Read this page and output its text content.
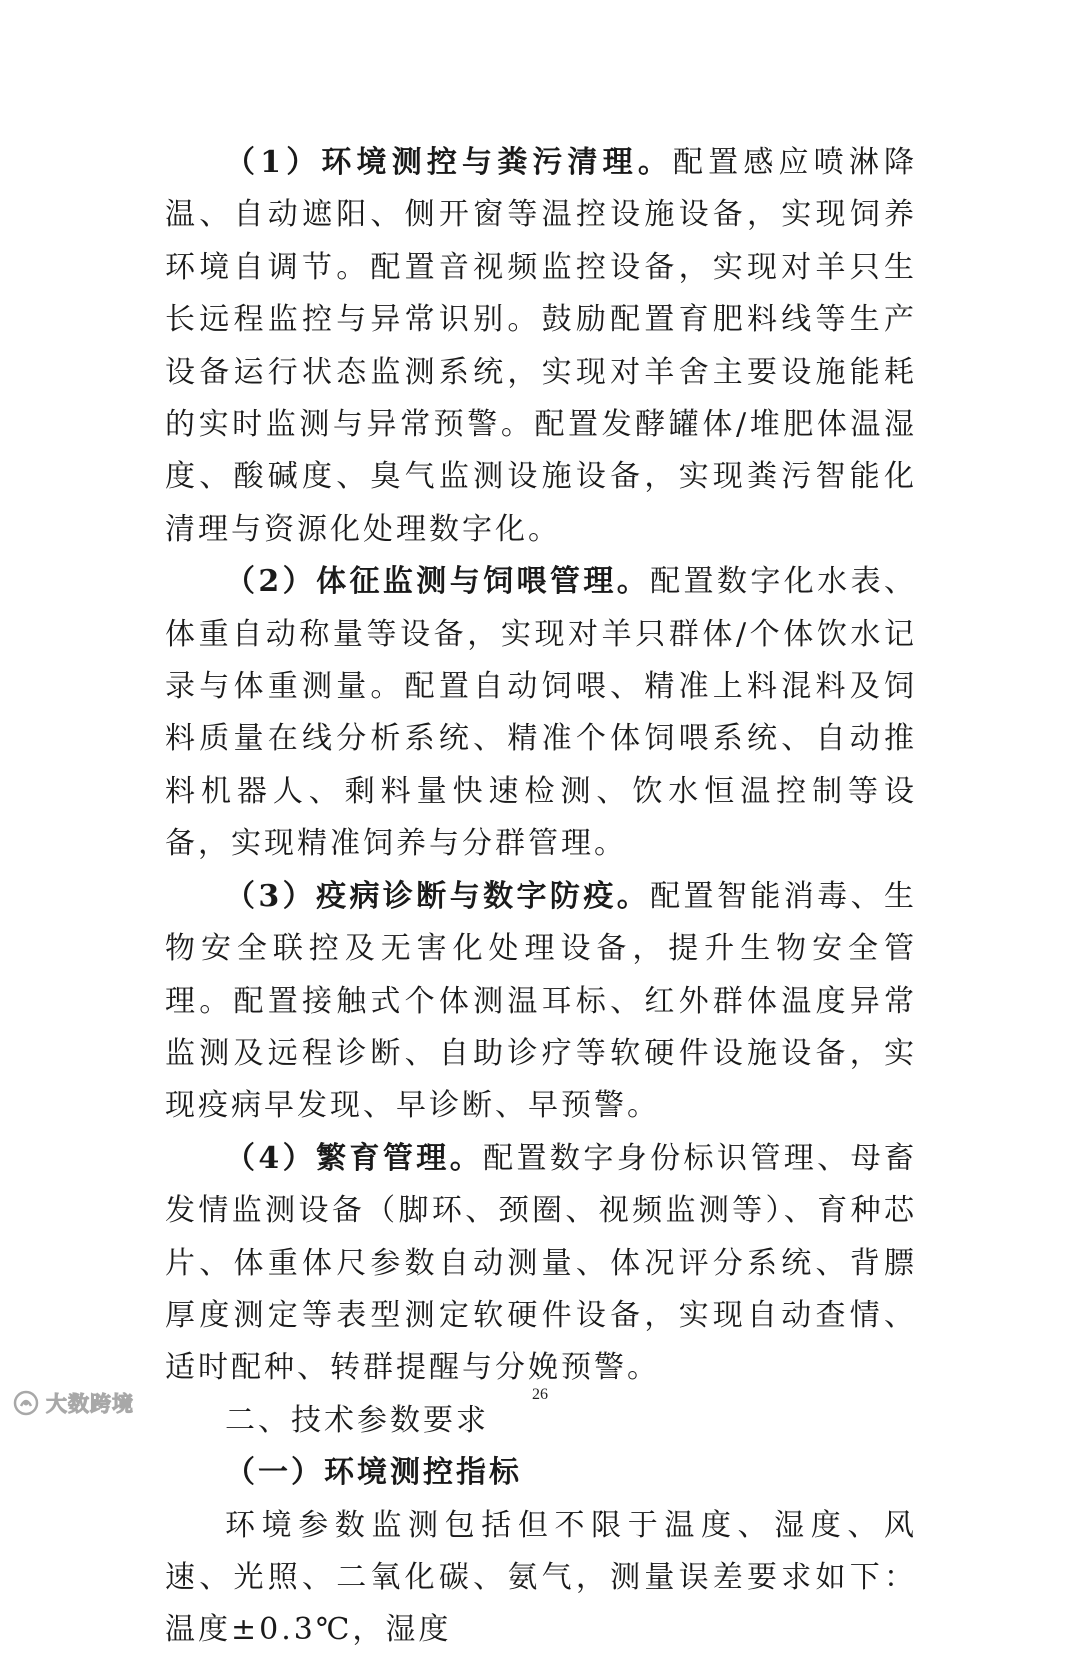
（1）环境测控与粪污清理。配置感应喷淋降温、自动遮阳、侧开窗等温控设施设备，实现饲养环境自调节。配置音视频监控设备，实现对羊只生长远程监控与异常识别。鼓励配置育肥料线等生产设备运行状态监测系统，实现对羊舍主要设施能耗的实时监测与异常预警。配置发酵罐体/堆肥体温湿度、酸碱度、臭气监测设施设备，实现粪污智能化清理与资源化处理数字化。

（2）体征监测与饲喂管理。配置数字化水表、体重自动称量等设备，实现对羊只群体/个体饮水记录与体重测量。配置自动饲喂、精准上料混料及饲料质量在线分析系统、精准个体饲喂系统、自动推料机器人、剩料量快速检测、饮水恒温控制等设备，实现精准饲养与分群管理。

（3）疫病诊断与数字防疫。配置智能消毒、生物安全联控及无害化处理设备，提升生物安全管理。配置接触式个体测温耳标、红外群体温度异常监测及远程诊断、自助诊疗等软硬件设施设备，实现疫病早发现、早诊断、早预警。

（4）繁育管理。配置数字身份标识管理、母畜发情监测设备（脚环、颈圈、视频监测等）、育种芯片、体重体尺参数自动测量、体况评分系统、背膘厚度测定等表型测定软硬件设备，实现自动查情、适时配种、转群提醒与分娩预警。

二、技术参数要求

（一）环境测控指标

环境参数监测包括但不限于温度、湿度、风速、光照、二氧化碳、氨气，测量误差要求如下：温度±0.3℃，湿度

26
大数跨境
